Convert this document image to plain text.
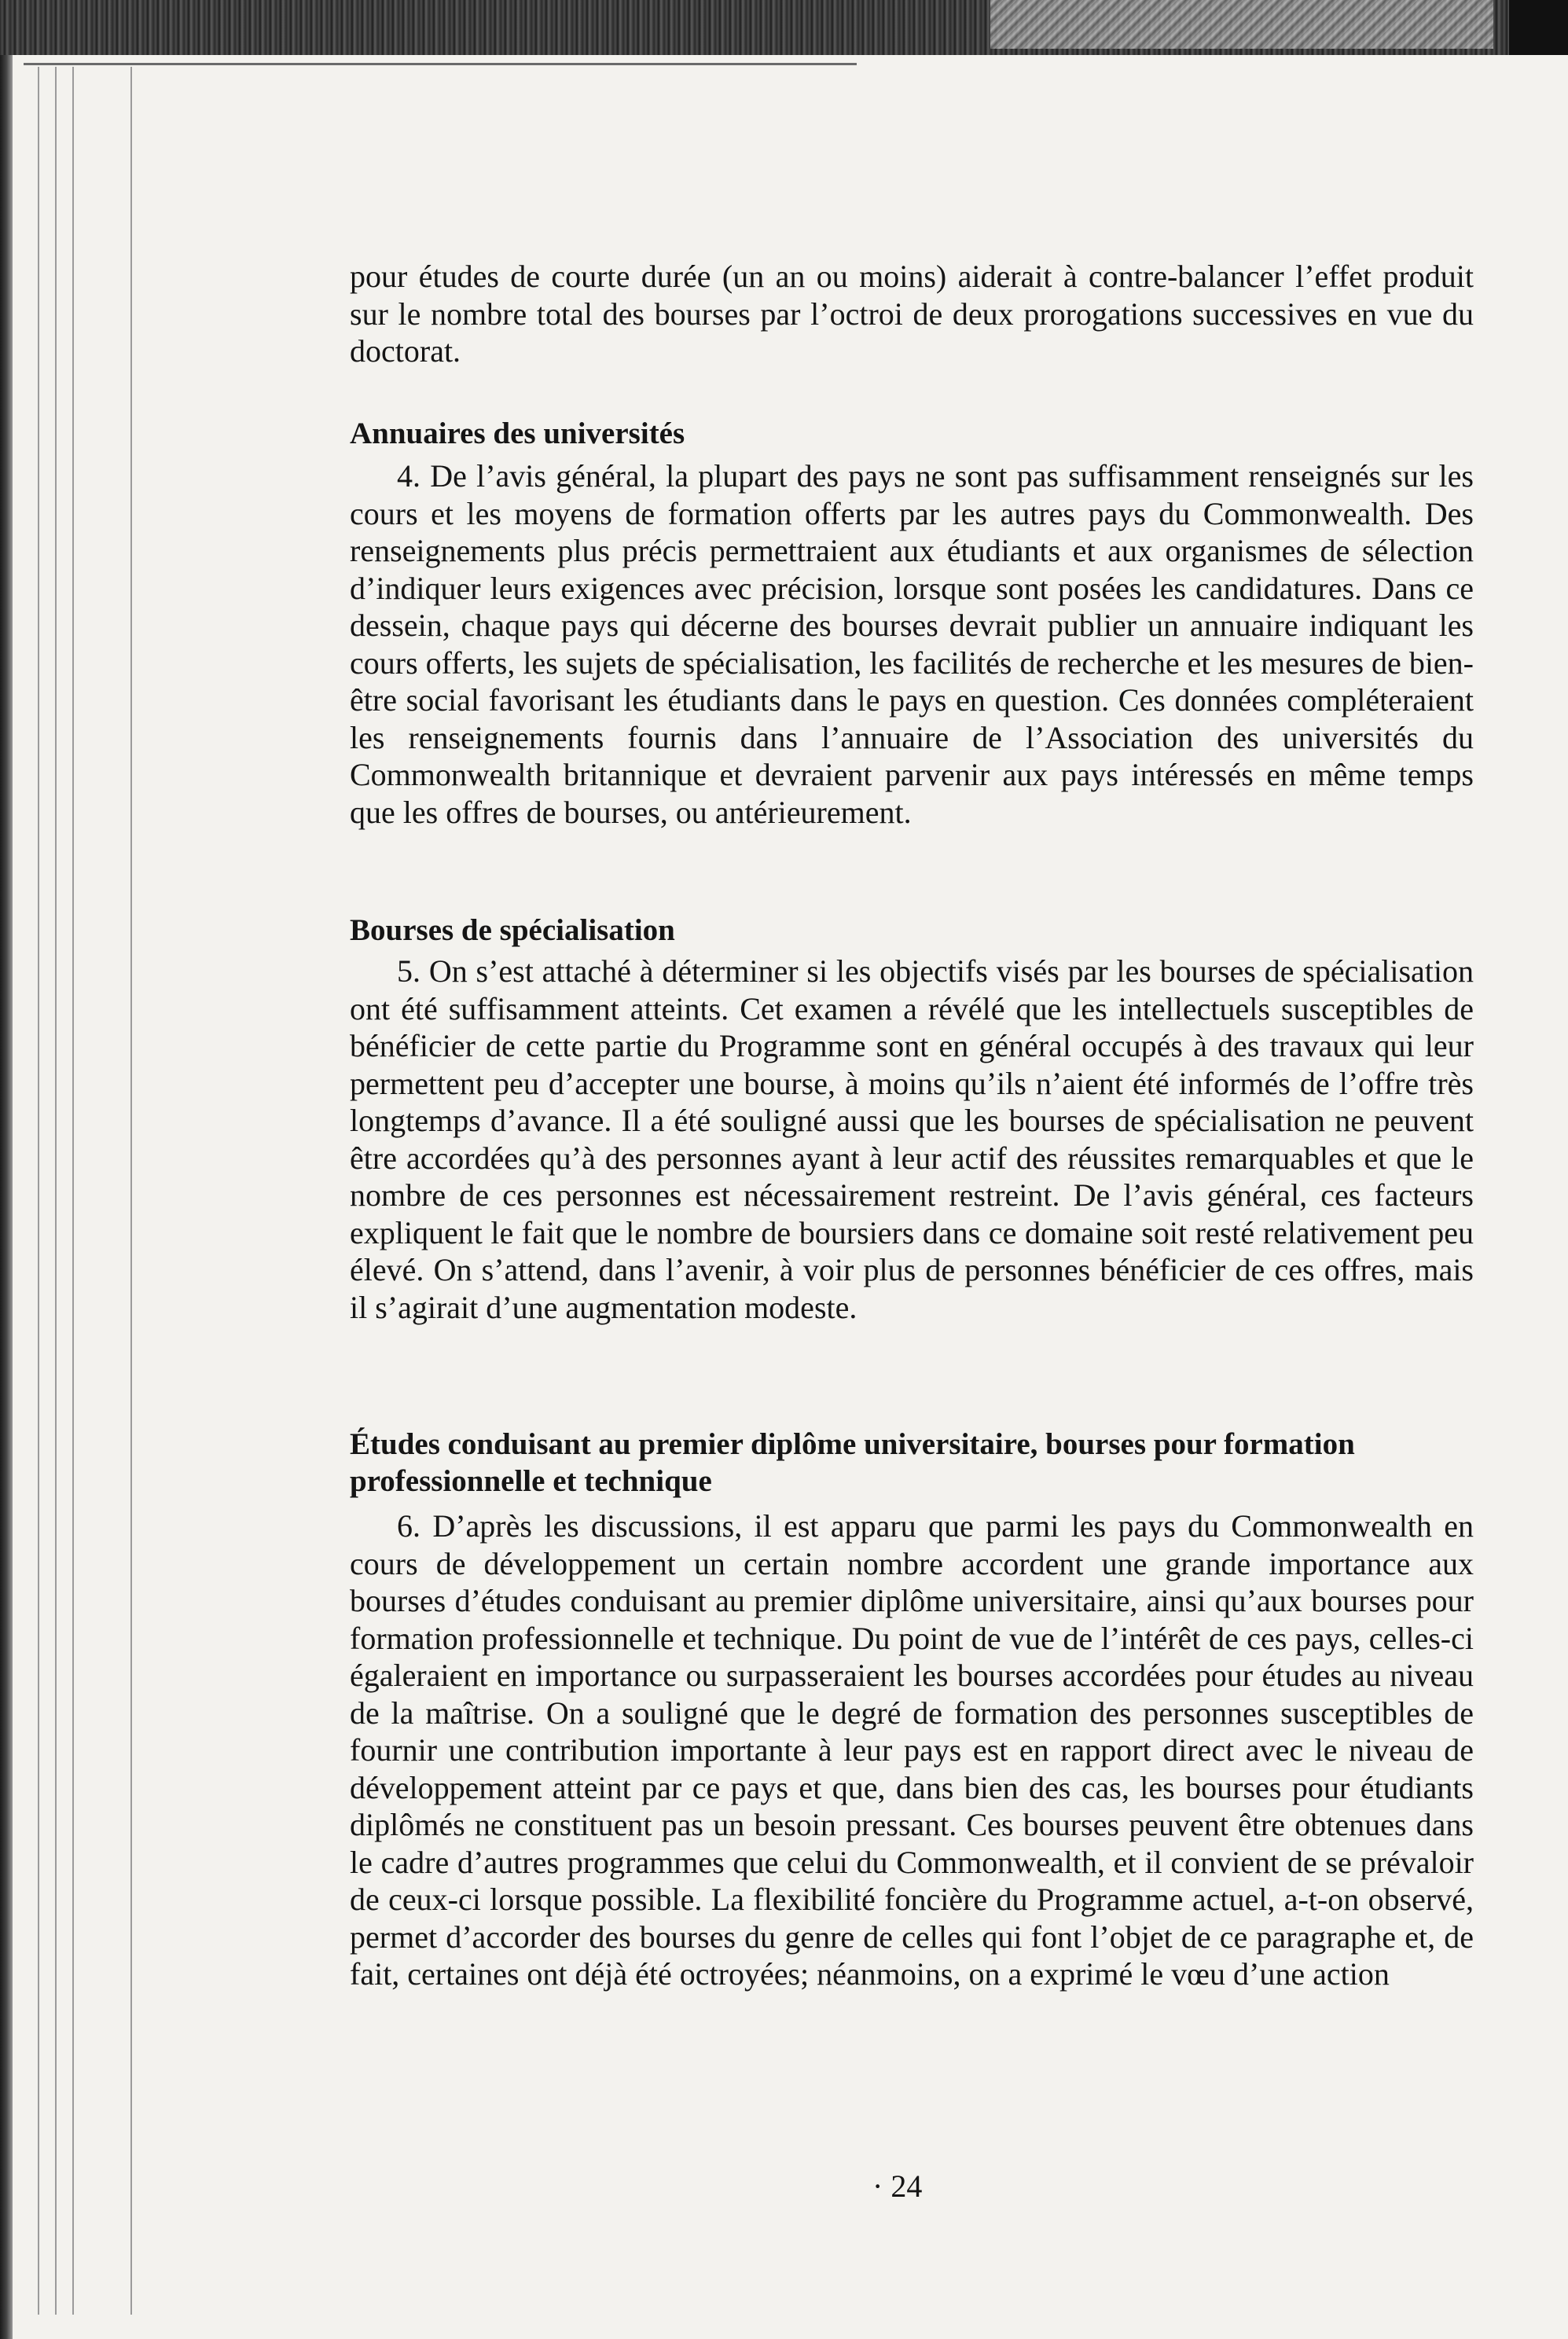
pour études de courte durée (un an ou moins) aiderait à contre-balancer l’effet produit sur le nombre total des bourses par l’octroi de deux prorogations successives en vue du doctorat.

Annuaires des universités

4. De l’avis général, la plupart des pays ne sont pas suffisamment renseignés sur les cours et les moyens de formation offerts par les autres pays du Commonwealth. Des renseignements plus précis permettraient aux étudiants et aux organismes de sélection d’indiquer leurs exigences avec précision, lorsque sont posées les candidatures. Dans ce dessein, chaque pays qui décerne des bourses devrait publier un annuaire indiquant les cours offerts, les sujets de spécialisation, les facilités de recherche et les mesures de bien-être social favorisant les étudiants dans le pays en question. Ces données compléteraient les renseignements fournis dans l’annuaire de l’Association des universités du Commonwealth britannique et devraient parvenir aux pays intéressés en même temps que les offres de bourses, ou antérieurement.

Bourses de spécialisation

5. On s’est attaché à déterminer si les objectifs visés par les bourses de spécialisation ont été suffisamment atteints. Cet examen a révélé que les intellectuels susceptibles de bénéficier de cette partie du Programme sont en général occupés à des travaux qui leur permettent peu d’accepter une bourse, à moins qu’ils n’aient été informés de l’offre très longtemps d’avance. Il a été souligné aussi que les bourses de spécialisation ne peuvent être accordées qu’à des personnes ayant à leur actif des réussites remarquables et que le nombre de ces personnes est nécessairement restreint. De l’avis général, ces facteurs expliquent le fait que le nombre de boursiers dans ce domaine soit resté relativement peu élevé. On s’attend, dans l’avenir, à voir plus de personnes bénéficier de ces offres, mais il s’agirait d’une augmentation modeste.

Études conduisant au premier diplôme universitaire, bourses pour formation professionnelle et technique

6. D’après les discussions, il est apparu que parmi les pays du Commonwealth en cours de développement un certain nombre accordent une grande importance aux bourses d’études conduisant au premier diplôme universitaire, ainsi qu’aux bourses pour formation professionnelle et technique. Du point de vue de l’intérêt de ces pays, celles-ci égaleraient en importance ou surpasseraient les bourses accordées pour études au niveau de la maîtrise. On a souligné que le degré de formation des personnes susceptibles de fournir une contribution importante à leur pays est en rapport direct avec le niveau de développement atteint par ce pays et que, dans bien des cas, les bourses pour étudiants diplômés ne constituent pas un besoin pressant. Ces bourses peuvent être obtenues dans le cadre d’autres programmes que celui du Commonwealth, et il convient de se prévaloir de ceux-ci lorsque possible. La flexibilité foncière du Programme actuel, a-t-on observé, permet d’accorder des bourses du genre de celles qui font l’objet de ce paragraphe et, de fait, certaines ont déjà été octroyées; néanmoins, on a exprimé le vœu d’une action

· 24
